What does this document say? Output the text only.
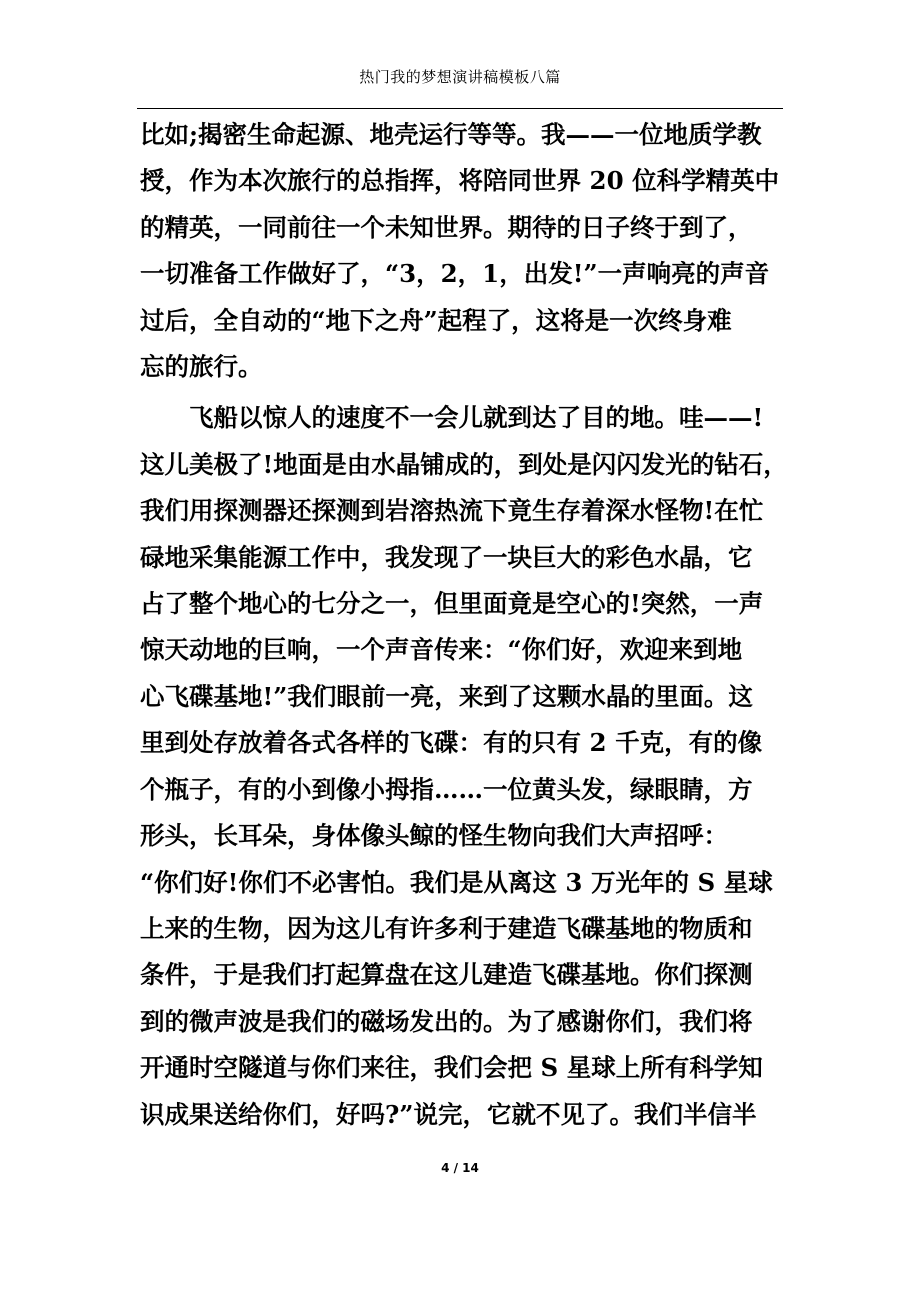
热门我的梦想演讲稿模板八篇
比如;揭密生命起源、地壳运行等等。我——一位地质学教
授，作为本次旅行的总指挥，将陪同世界 20 位科学精英中
的精英，一同前往一个未知世界。期待的日子终于到了，
一切准备工作做好了，“3，2，1，出发!”一声响亮的声音
过后，全自动的“地下之舟”起程了，这将是一次终身难
忘的旅行。
飞船以惊人的速度不一会儿就到达了目的地。哇——!
这儿美极了!地面是由水晶铺成的，到处是闪闪发光的钻石，
我们用探测器还探测到岩溶热流下竟生存着深水怪物!在忙
碌地采集能源工作中，我发现了一块巨大的彩色水晶，它
占了整个地心的七分之一，但里面竟是空心的!突然，一声
惊天动地的巨响，一个声音传来：“你们好，欢迎来到地
心飞碟基地!”我们眼前一亮，来到了这颗水晶的里面。这
里到处存放着各式各样的飞碟：有的只有 2 千克，有的像
个瓶子，有的小到像小拇指……一位黄头发，绿眼睛，方
形头，长耳朵，身体像头鲸的怪生物向我们大声招呼：
“你们好!你们不必害怕。我们是从离这 3 万光年的 S 星球
上来的生物，因为这儿有许多利于建造飞碟基地的物质和
条件，于是我们打起算盘在这儿建造飞碟基地。你们探测
到的微声波是我们的磁场发出的。为了感谢你们，我们将
开通时空隧道与你们来往，我们会把 S 星球上所有科学知
识成果送给你们，好吗?”说完，它就不见了。我们半信半
4 / 14
